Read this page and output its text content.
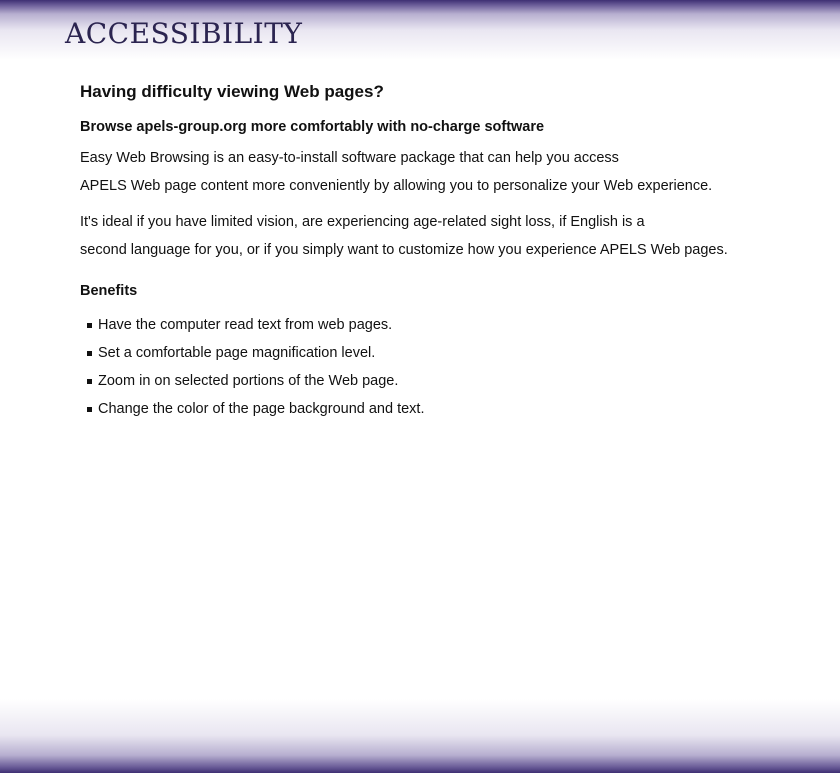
ACCESSIBILITY
Having difficulty viewing Web pages?
Browse apels-group.org more comfortably with no-charge software

Easy Web Browsing is an easy-to-install software package that can help you access
APELS Web page content more conveniently by allowing you to personalize your Web experience.

It's ideal if you have limited vision, are experiencing age-related sight loss, if English is a
second language for you, or if you simply want to customize how you experience APELS Web pages.

Benefits
Have the computer read text from web pages.
Set a comfortable page magnification level.
Zoom in on selected portions of the Web page.
Change the color of the page background and text.
